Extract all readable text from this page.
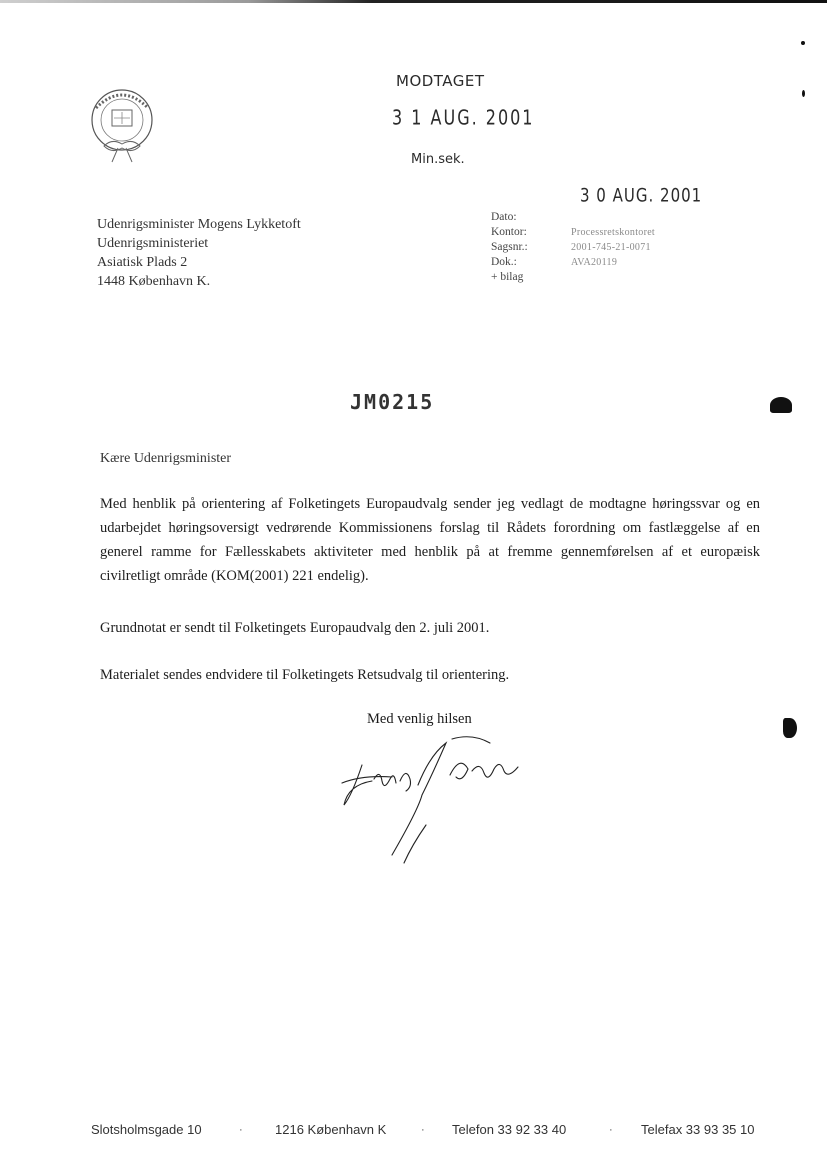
MODTAGET
3 1 AUG. 2001
Min.sek.
3 0 AUG. 2001
Udenrigsminister Mogens Lykketoft
Udenrigsministeriet
Asiatisk Plads 2
1448 København K.
Dato:
Kontor:	Processretskontoret
Sagsnr.:	2001-745-21-0071
Dok.:	AVA20119
+ bilag
JM0215
Kære Udenrigsminister
Med henblik på orientering af Folketingets Europaudvalg sender jeg vedlagt de modtagne høringssvar og en udarbejdet høringsoversigt vedrørende Kommissionens forslag til Rådets forordning om fastlæggelse af en generel ramme for Fællesskabets aktiviteter med henblik på at fremme gennemførelsen af et europæisk civilretligt område (KOM(2001) 221 endelig).
Grundnotat er sendt til Folketingets Europaudvalg den 2. juli 2001.
Materialet sendes endvidere til Folketingets Retsudvalg til orientering.
Med venlig hilsen
Slotsholmsgade 10	· 1216 København K	· Telefon 33 92 33 40	· Telefax 33 93 35 10
